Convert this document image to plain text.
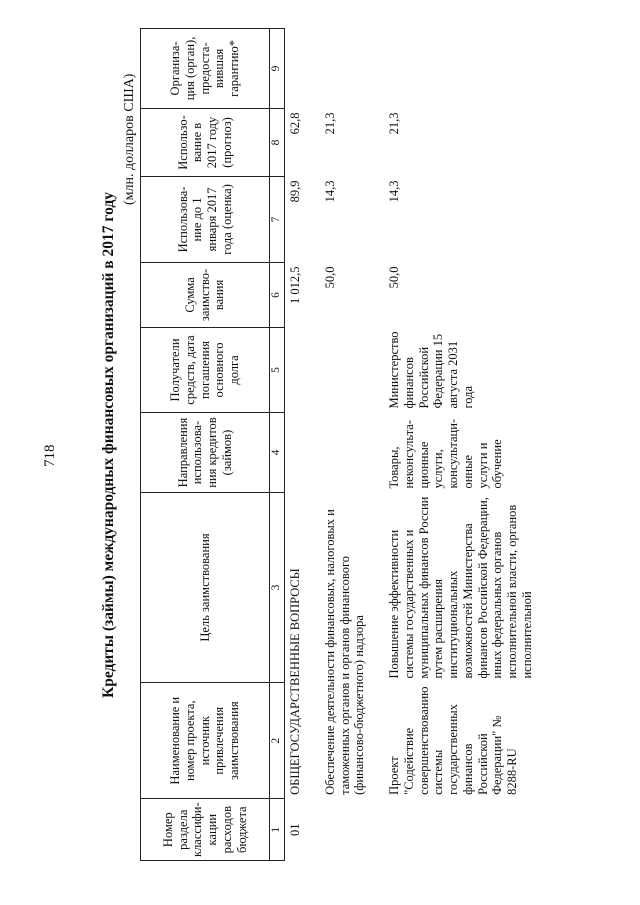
718	Кредиты (займы) международных финансовых организаций в 2017 году
(млн. долларов США)
Номер раздела классифи-кации расходов бюджета	Наименование и номер проекта, источник привлечения заимствования	Цель заимствования	Направления использова-ния кредитов (займов)	Получатели средств, дата погашения основного долга	Сумма заимство-вания	Использова-ние до 1 января 2017 года (оценка)	Использо-вание в 2017 году (прогноз)	Организа-ция (орган), предоста-вившая гарантию*
1	2	3	4	5	6	7	8	9
01	ОБЩЕГОСУДАРСТВЕННЫЕ ВОПРОСЫ				1 012,5	89,9	62,8	

	Обеспечение деятельности финансовых, налоговых и таможенных органов и органов финансового (финансово-бюджетного) надзора				50,0	14,3	21,3	

	Проект "Содействие совершенствованию системы государственных финансов Российской Федерации" № 8288-RU	Повышение эффективности системы государственных и муниципальных финансов России путем расширения институциональных возможностей Министерства финансов Российской Федерации, иных федеральных органов исполнительной власти, органов исполнительной	Товары, неконсульта-ционные услуги, консультаци-онные услуги и обучение	Министерство финансов Российской Федерации 15 августа 2031 года	50,0	14,3	21,3	
